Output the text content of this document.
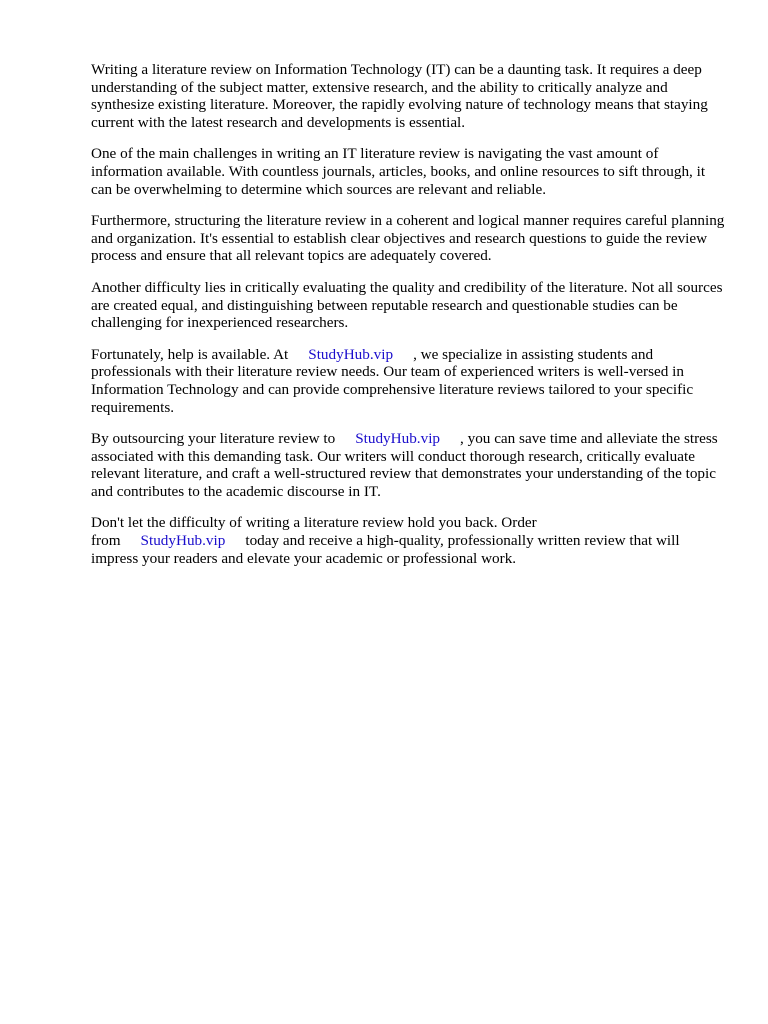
Writing a literature review on Information Technology (IT) can be a daunting task. It requires a deep understanding of the subject matter, extensive research, and the ability to critically analyze and synthesize existing literature. Moreover, the rapidly evolving nature of technology means that staying current with the latest research and developments is essential.

One of the main challenges in writing an IT literature review is navigating the vast amount of information available. With countless journals, articles, books, and online resources to sift through, it can be overwhelming to determine which sources are relevant and reliable.

Furthermore, structuring the literature review in a coherent and logical manner requires careful planning and organization. It's essential to establish clear objectives and research questions to guide the review process and ensure that all relevant topics are adequately covered.

Another difficulty lies in critically evaluating the quality and credibility of the literature. Not all sources are created equal, and distinguishing between reputable research and questionable studies can be challenging for inexperienced researchers.

Fortunately, help is available. At StudyHub.vip , we specialize in assisting students and professionals with their literature review needs. Our team of experienced writers is well-versed in Information Technology and can provide comprehensive literature reviews tailored to your specific requirements.

By outsourcing your literature review to StudyHub.vip , you can save time and alleviate the stress associated with this demanding task. Our writers will conduct thorough research, critically evaluate relevant literature, and craft a well-structured review that demonstrates your understanding of the topic and contributes to the academic discourse in IT.

Don't let the difficulty of writing a literature review hold you back. Order from StudyHub.vip today and receive a high-quality, professionally written review that will impress your readers and elevate your academic or professional work.
